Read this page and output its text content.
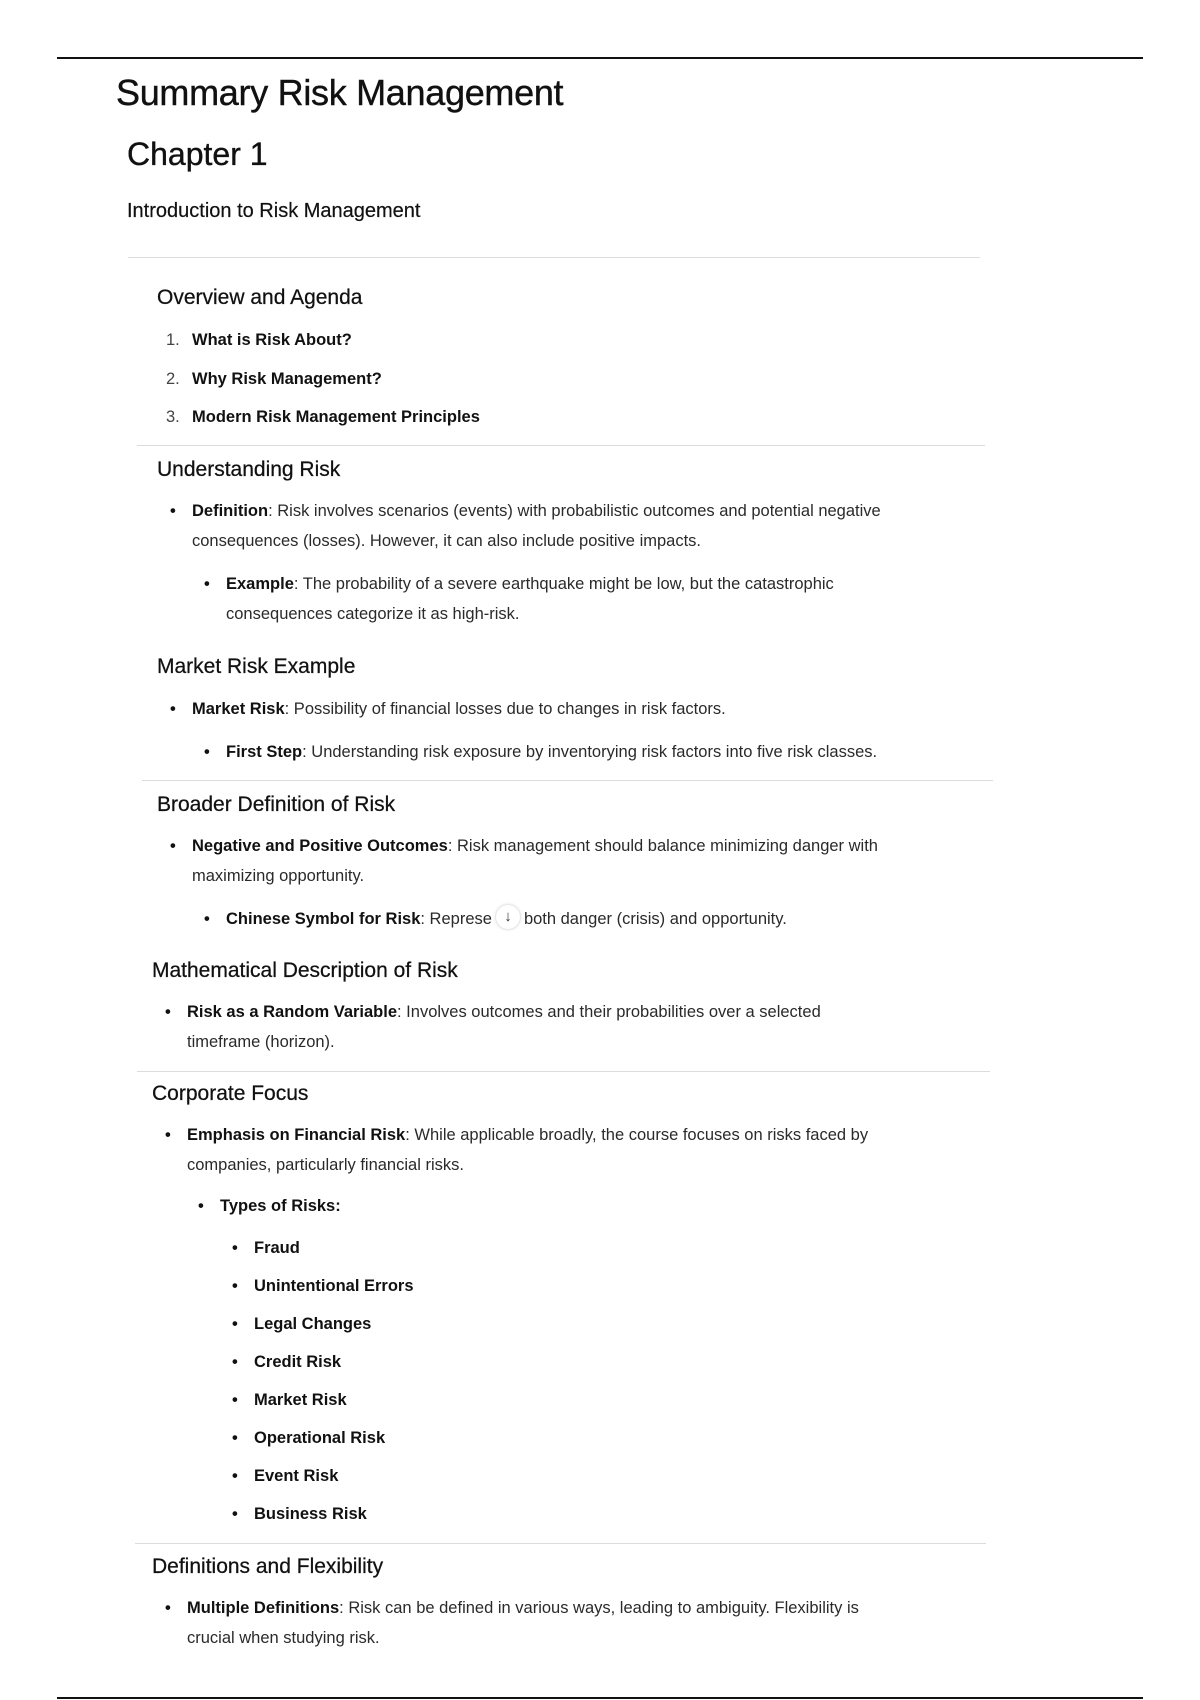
Summary Risk Management
Chapter 1
Introduction to Risk Management
Overview and Agenda
1. What is Risk About?
2. Why Risk Management?
3. Modern Risk Management Principles
Understanding Risk
• Definition: Risk involves scenarios (events) with probabilistic outcomes and potential negative
consequences (losses). However, it can also include positive impacts.
• Example: The probability of a severe earthquake might be low, but the catastrophic
consequences categorize it as high-risk.
Market Risk Example
• Market Risk: Possibility of financial losses due to changes in risk factors.
• First Step: Understanding risk exposure by inventorying risk factors into five risk classes.
Broader Definition of Risk
• Negative and Positive Outcomes: Risk management should balance minimizing danger with
maximizing opportunity.
• Chinese Symbol for Risk: Represe ↓ both danger (crisis) and opportunity.
Mathematical Description of Risk
• Risk as a Random Variable: Involves outcomes and their probabilities over a selected
timeframe (horizon).
Corporate Focus
• Emphasis on Financial Risk: While applicable broadly, the course focuses on risks faced by
companies, particularly financial risks.
• Types of Risks:
• Fraud
• Unintentional Errors
• Legal Changes
• Credit Risk
• Market Risk
• Operational Risk
• Event Risk
• Business Risk
Definitions and Flexibility
• Multiple Definitions: Risk can be defined in various ways, leading to ambiguity. Flexibility is
crucial when studying risk.
